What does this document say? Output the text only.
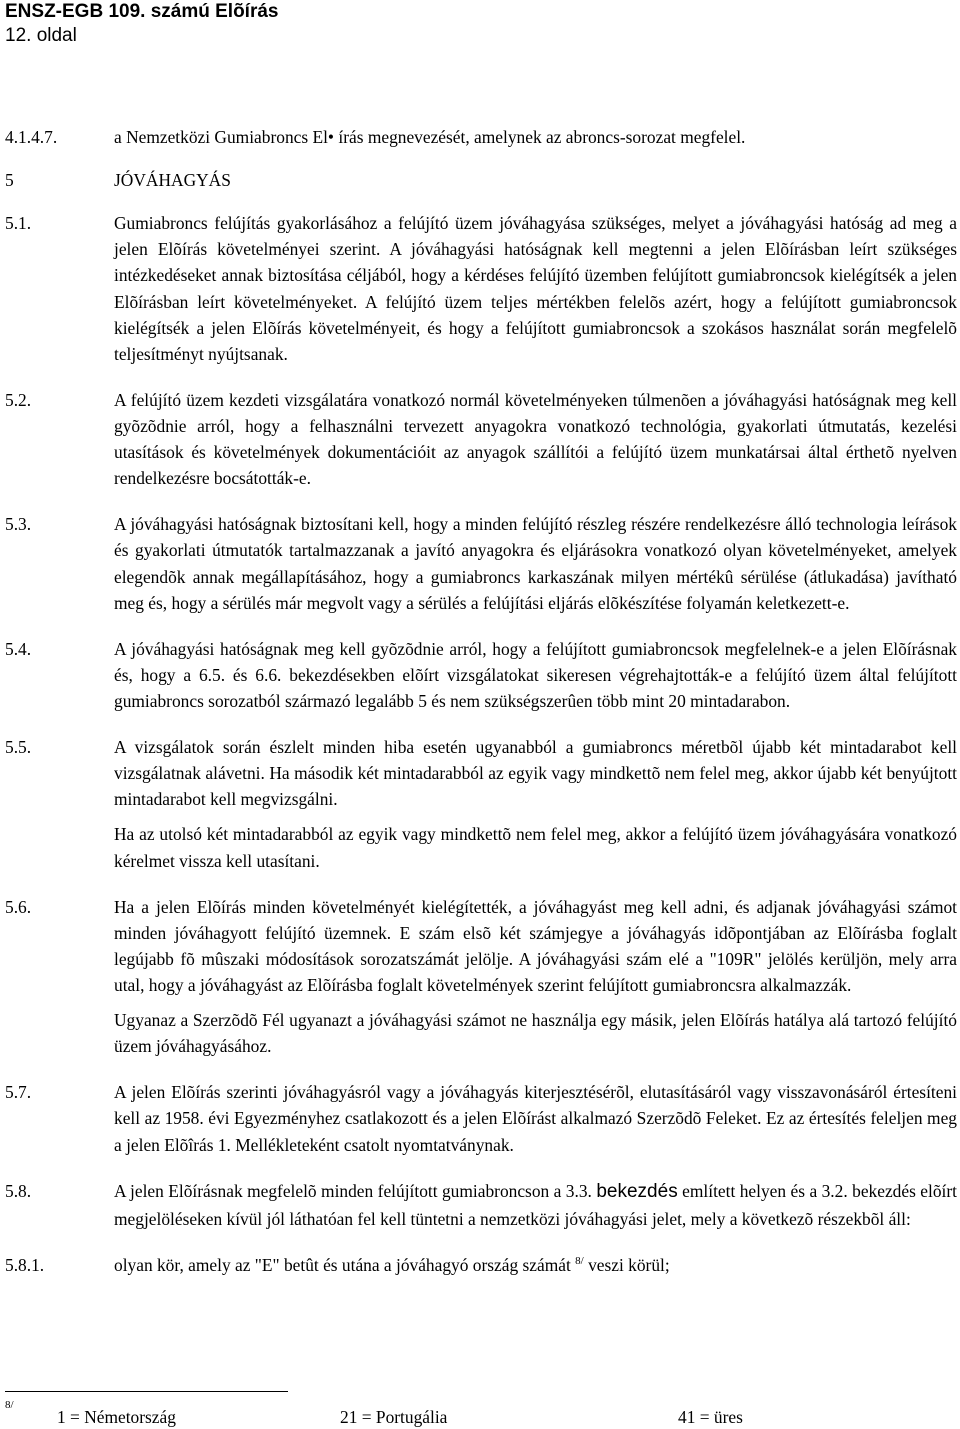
ENSZ-EGB 109. számú Elõírás
12. oldal
4.1.4.7.	a Nemzetközi Gumiabroncs El• írás megnevezését, amelynek az abroncs-sorozat megfelel.

5	JÓVÁHAGYÁS

5.1.	Gumiabroncs felújítás gyakorlásához a felújító üzem jóváhagyása szükséges, melyet a jóváhagyási hatóság ad meg a jelen Elõírás követelményei szerint. A jóváhagyási hatóságnak kell megtenni a jelen Elõírásban leírt szükséges intézkedéseket annak biztosítása céljából, hogy a kérdéses felújító üzemben felújított gumiabroncsok kielégítsék a jelen Elõírásban leírt követelményeket. A felújító üzem teljes mértékben felelõs azért, hogy a felújított gumiabroncsok kielégítsék a jelen Elõírás követelményeit, és hogy a felújított gumiabroncsok a szokásos használat során megfelelõ teljesítményt nyújtsanak.

5.2.	A felújító üzem kezdeti vizsgálatára vonatkozó normál követelményeken túlmenõen a jóváhagyási hatóságnak meg kell gyõzõdnie arról, hogy a felhasználni tervezett anyagokra vonatkozó technológia, gyakorlati útmutatás, kezelési utasítások és követelmények dokumentációit az anyagok szállítói a felújító üzem munkatársai által érthetõ nyelven rendelkezésre bocsátották-e.

5.3.	A jóváhagyási hatóságnak biztosítani kell, hogy a minden felújító részleg részére rendelkezésre álló technologia leírások és gyakorlati útmutatók tartalmazzanak a javító anyagokra és eljárásokra vonatkozó olyan követelményeket, amelyek elegendõk annak megállapításához, hogy a gumiabroncs karkaszának milyen mértékû sérülése (átlukadása) javítható meg és, hogy a sérülés már megvolt vagy a sérülés a felújítási eljárás elõkészítése folyamán keletkezett-e.

5.4.	A jóváhagyási hatóságnak meg kell gyõzõdnie arról, hogy a felújított gumiabroncsok megfelelnek-e a jelen Elõírásnak és, hogy a 6.5. és 6.6. bekezdésekben elõírt vizsgálatokat sikeresen végrehajtották-e a felújító üzem által felújított gumiabroncs sorozatból származó legalább 5 és nem szükségszerûen több mint 20 mintadarabon.

5.5.	A vizsgálatok során észlelt minden hiba esetén ugyanabból a gumiabroncs méretbõl újabb két mintadarabot kell vizsgálatnak alávetni. Ha második két mintadarabból az egyik vagy mindkettõ nem felel meg, akkor újabb két benyújtott mintadarabot kell megvizsgálni.

Ha az utolsó két mintadarabból az egyik vagy mindkettõ nem felel meg, akkor a felújító üzem jóváhagyására vonatkozó kérelmet vissza kell utasítani.

5.6.	Ha a jelen Elõírás minden követelményét kielégítették, a jóváhagyást meg kell adni, és adjanak jóváhagyási számot minden jóváhagyott felújító üzemnek. E szám elsõ két számjegye a jóváhagyás idõpontjában az Elõírásba foglalt legújabb fõ mûszaki módosítások sorozatszámát jelölje. A jóváhagyási szám elé a "109R" jelölés kerüljön, mely arra utal, hogy a jóváhagyást az Elõírásba foglalt követelmények szerint felújított gumiabroncsra alkalmazzák.

Ugyanaz a Szerzõdõ Fél ugyanazt a jóváhagyási számot ne használja egy másik, jelen Elõírás hatálya alá tartozó felújító üzem jóváhagyásához.

5.7.	A jelen Elõírás szerinti jóváhagyásról vagy a jóváhagyás kiterjesztésérõl, elutasításáról vagy visszavonásáról értesíteni kell az 1958. évi Egyezményhez csatlakozott és a jelen Elõírást alkalmazó Szerzõdõ Feleket. Ez az értesítés feleljen meg a jelen Elõîrás 1. Mellékleteként csatolt nyomtatványnak.

5.8.	A jelen Elõírásnak megfelelõ minden felújított gumiabroncson a 3.3. bekezdés említett helyen és a 3.2. bekezdés elõírt megjelöléseken kívül jól láthatóan fel kell tüntetni a nemzetközi jóváhagyási jelet, mely a következõ részekbõl áll:

5.8.1.	olyan kör, amely az "E" betût és utána a jóváhagyó ország számát $^{8/}$ veszi körül;

8/
1 = Németország	21 = Portugália	41 = üres
